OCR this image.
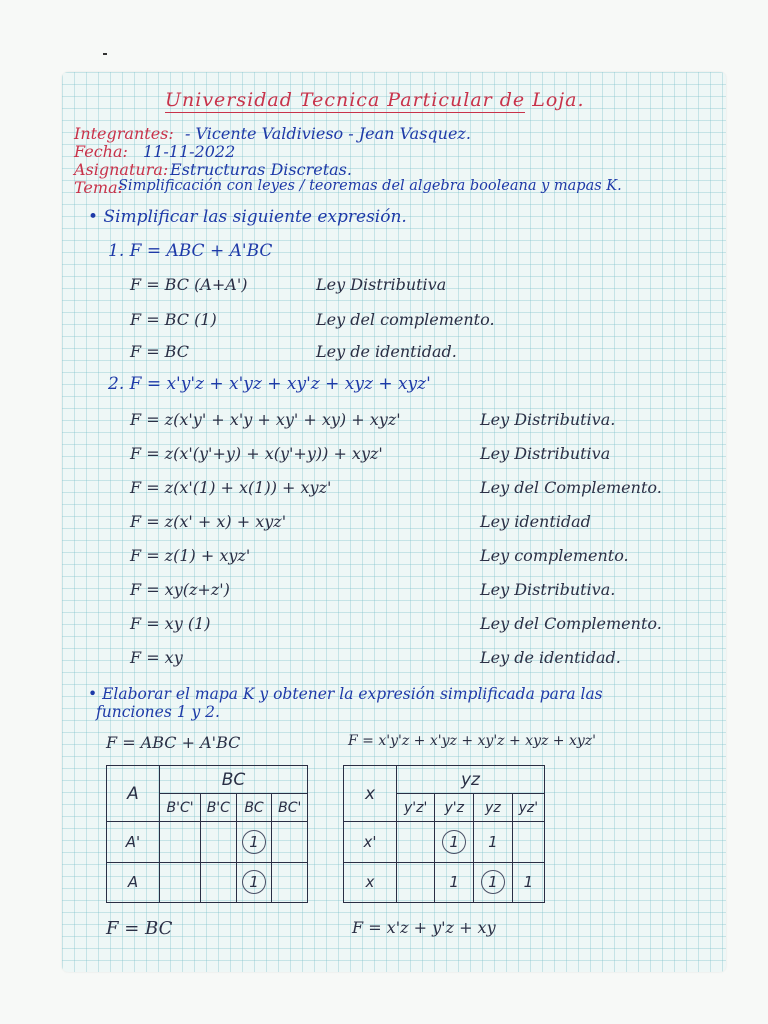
Universidad Tecnica Particular de Loja.
Integrantes: - Vicente Valdivieso - Jean Vasquez.
Fecha: 11-11-2022
Asignatura: Estructuras Discretas.
Tema:
Simplificación con leyes / teoremas del algebra booleana y mapas K.
• Simplificar las siguiente expresión.
1. F = ABC + A'BC
F = BC (A+A')	Ley Distributiva
F = BC (1)	Ley del complemento.
F = BC	Ley de identidad.
2. F = x'y'z + x'yz + xy'z + xyz + xyz'
F = z(x'y' + x'y + xy' + xy) + xyz'	Ley Distributiva.
F = z(x'(y'+y) + x(y'+y)) + xyz'	Ley Distributiva
F = z(x'(1) + x(1)) + xyz'	Ley del Complemento.
F = z(x' + x) + xyz'	Ley identidad
F = z(1) + xyz'	Ley complemento.
F = xy(z+z')	Ley Distributiva.
F = xy (1)	Ley del Complemento.
F = xy	Ley de identidad.
• Elaborar el mapa K y obtener la expresión simplificada para las
funciones 1 y 2.
F = ABC + A'BC	F = x'y'z + x'yz + xy'z + xyz + xyz'
A	BC			
	B'C'	B'C	BC	BC'
A'			1	
A			1	
x	yz			
	y'z'	y'z	yz	yz'
x'		1	1	
x		1	1	1
F = BC	F = x'z + y'z + xy
